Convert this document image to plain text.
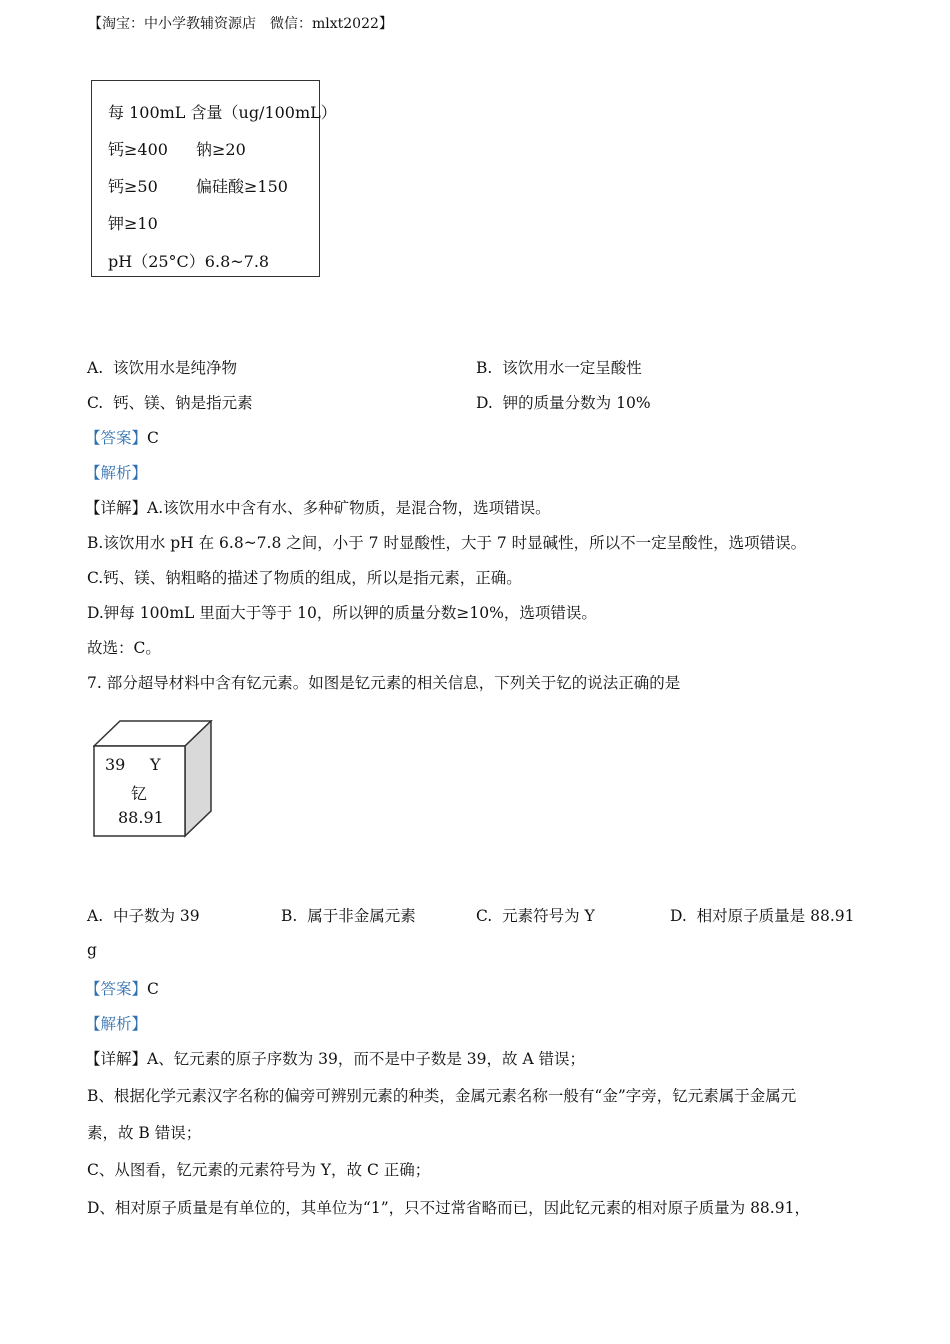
【淘宝：中小学教辅资源店　微信：mlxt2022】
每 100mL 含量（ug/100mL）
钙≥400 钠≥20
钙≥50 偏硅酸≥150
钾≥10
pH（25°C）6.8~7.8
A. 该饮用水是纯净物	B. 该饮用水一定呈酸性
C. 钙、镁、钠是指元素	D. 钾的质量分数为 10%
【答案】C
【解析】
【详解】A.该饮用水中含有水、多种矿物质，是混合物，选项错误。
B.该饮用水 pH 在 6.8~7.8 之间，小于 7 时显酸性，大于 7 时显碱性，所以不一定呈酸性，选项错误。
C.钙、镁、钠粗略的描述了物质的组成，所以是指元素，正确。
D.钾每 100mL 里面大于等于 10，所以钾的质量分数≥10%，选项错误。
故选：C。
7. 部分超导材料中含有钇元素。如图是钇元素的相关信息，下列关于钇的说法正确的是
39 Y
钇
88.91
A. 中子数为 39	B. 属于非金属元素	C. 元素符号为 Y	D. 相对原子质量是 88.91
g
【答案】C
【解析】
【详解】A、钇元素的原子序数为 39，而不是中子数是 39，故 A 错误；
B、根据化学元素汉字名称的偏旁可辨别元素的种类，金属元素名称一般有“金”字旁，钇元素属于金属元
素，故 B 错误；
C、从图看，钇元素的元素符号为 Y，故 C 正确；
D、相对原子质量是有单位的，其单位为“1”，只不过常省略而已，因此钇元素的相对原子质量为 88.91，
